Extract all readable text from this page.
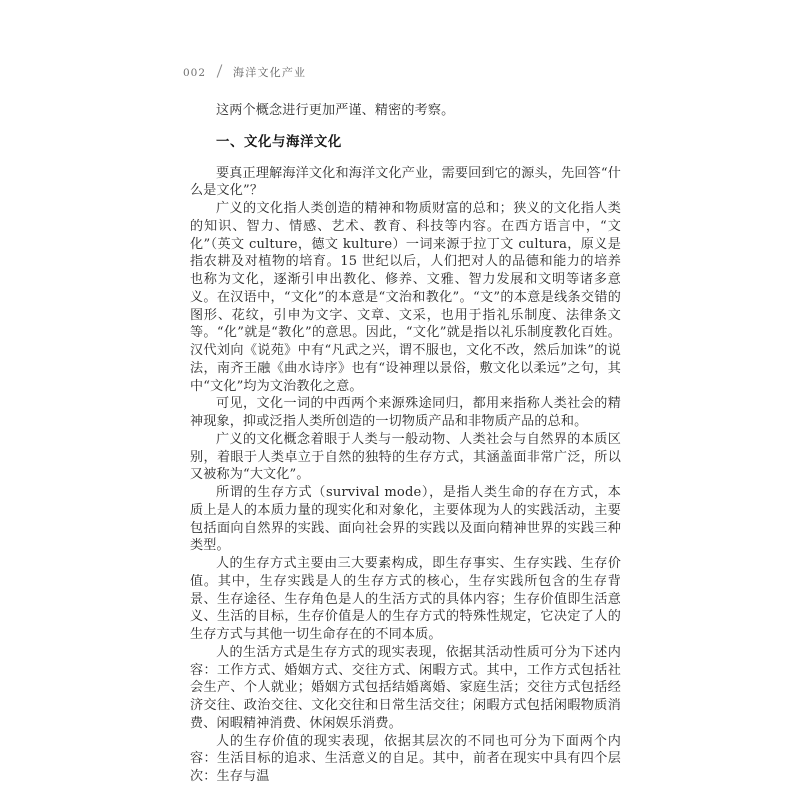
002 海洋文化产业

这两个概念进行更加严谨、精密的考察。

一、文化与海洋文化

要真正理解海洋文化和海洋文化产业，需要回到它的源头，先回答“什么是文化”？

广义的文化指人类创造的精神和物质财富的总和；狭义的文化指人类的知识、智力、情感、艺术、教育、科技等内容。在西方语言中，“文化”（英文 culture，德文 kulture）一词来源于拉丁文 cultura，原义是指农耕及对植物的培育。15 世纪以后，人们把对人的品德和能力的培养也称为文化，逐渐引申出教化、修养、文雅、智力发展和文明等诸多意义。在汉语中，“文化”的本意是“文治和教化”。“文”的本意是线条交错的图形、花纹，引申为文字、文章、文采，也用于指礼乐制度、法律条文等。“化”就是“教化”的意思。因此，“文化”就是指以礼乐制度教化百姓。汉代刘向《说苑》中有“凡武之兴，谓不服也，文化不改，然后加诛”的说法，南齐王融《曲水诗序》也有“设神理以景俗，敷文化以柔远”之句，其中“文化”均为文治教化之意。

可见，文化一词的中西两个来源殊途同归，都用来指称人类社会的精神现象，抑或泛指人类所创造的一切物质产品和非物质产品的总和。

广义的文化概念着眼于人类与一般动物、人类社会与自然界的本质区别，着眼于人类卓立于自然的独特的生存方式，其涵盖面非常广泛，所以又被称为“大文化”。

所谓的生存方式（survival mode），是指人类生命的存在方式，本质上是人的本质力量的现实化和对象化，主要体现为人的实践活动，主要包括面向自然界的实践、面向社会界的实践以及面向精神世界的实践三种类型。

人的生存方式主要由三大要素构成，即生存事实、生存实践、生存价值。其中，生存实践是人的生存方式的核心，生存实践所包含的生存背景、生存途径、生存角色是人的生活方式的具体内容；生存价值即生活意义、生活的目标，生存价值是人的生存方式的特殊性规定，它决定了人的生存方式与其他一切生命存在的不同本质。

人的生活方式是生存方式的现实表现，依据其活动性质可分为下述内容：工作方式、婚姻方式、交往方式、闲暇方式。其中，工作方式包括社会生产、个人就业；婚姻方式包括结婚离婚、家庭生活；交往方式包括经济交往、政治交往、文化交往和日常生活交往；闲暇方式包括闲暇物质消费、闲暇精神消费、休闲娱乐消费。

人的生存价值的现实表现，依据其层次的不同也可分为下面两个内容：生活目标的追求、生活意义的自足。其中，前者在现实中具有四个层次：生存与温
